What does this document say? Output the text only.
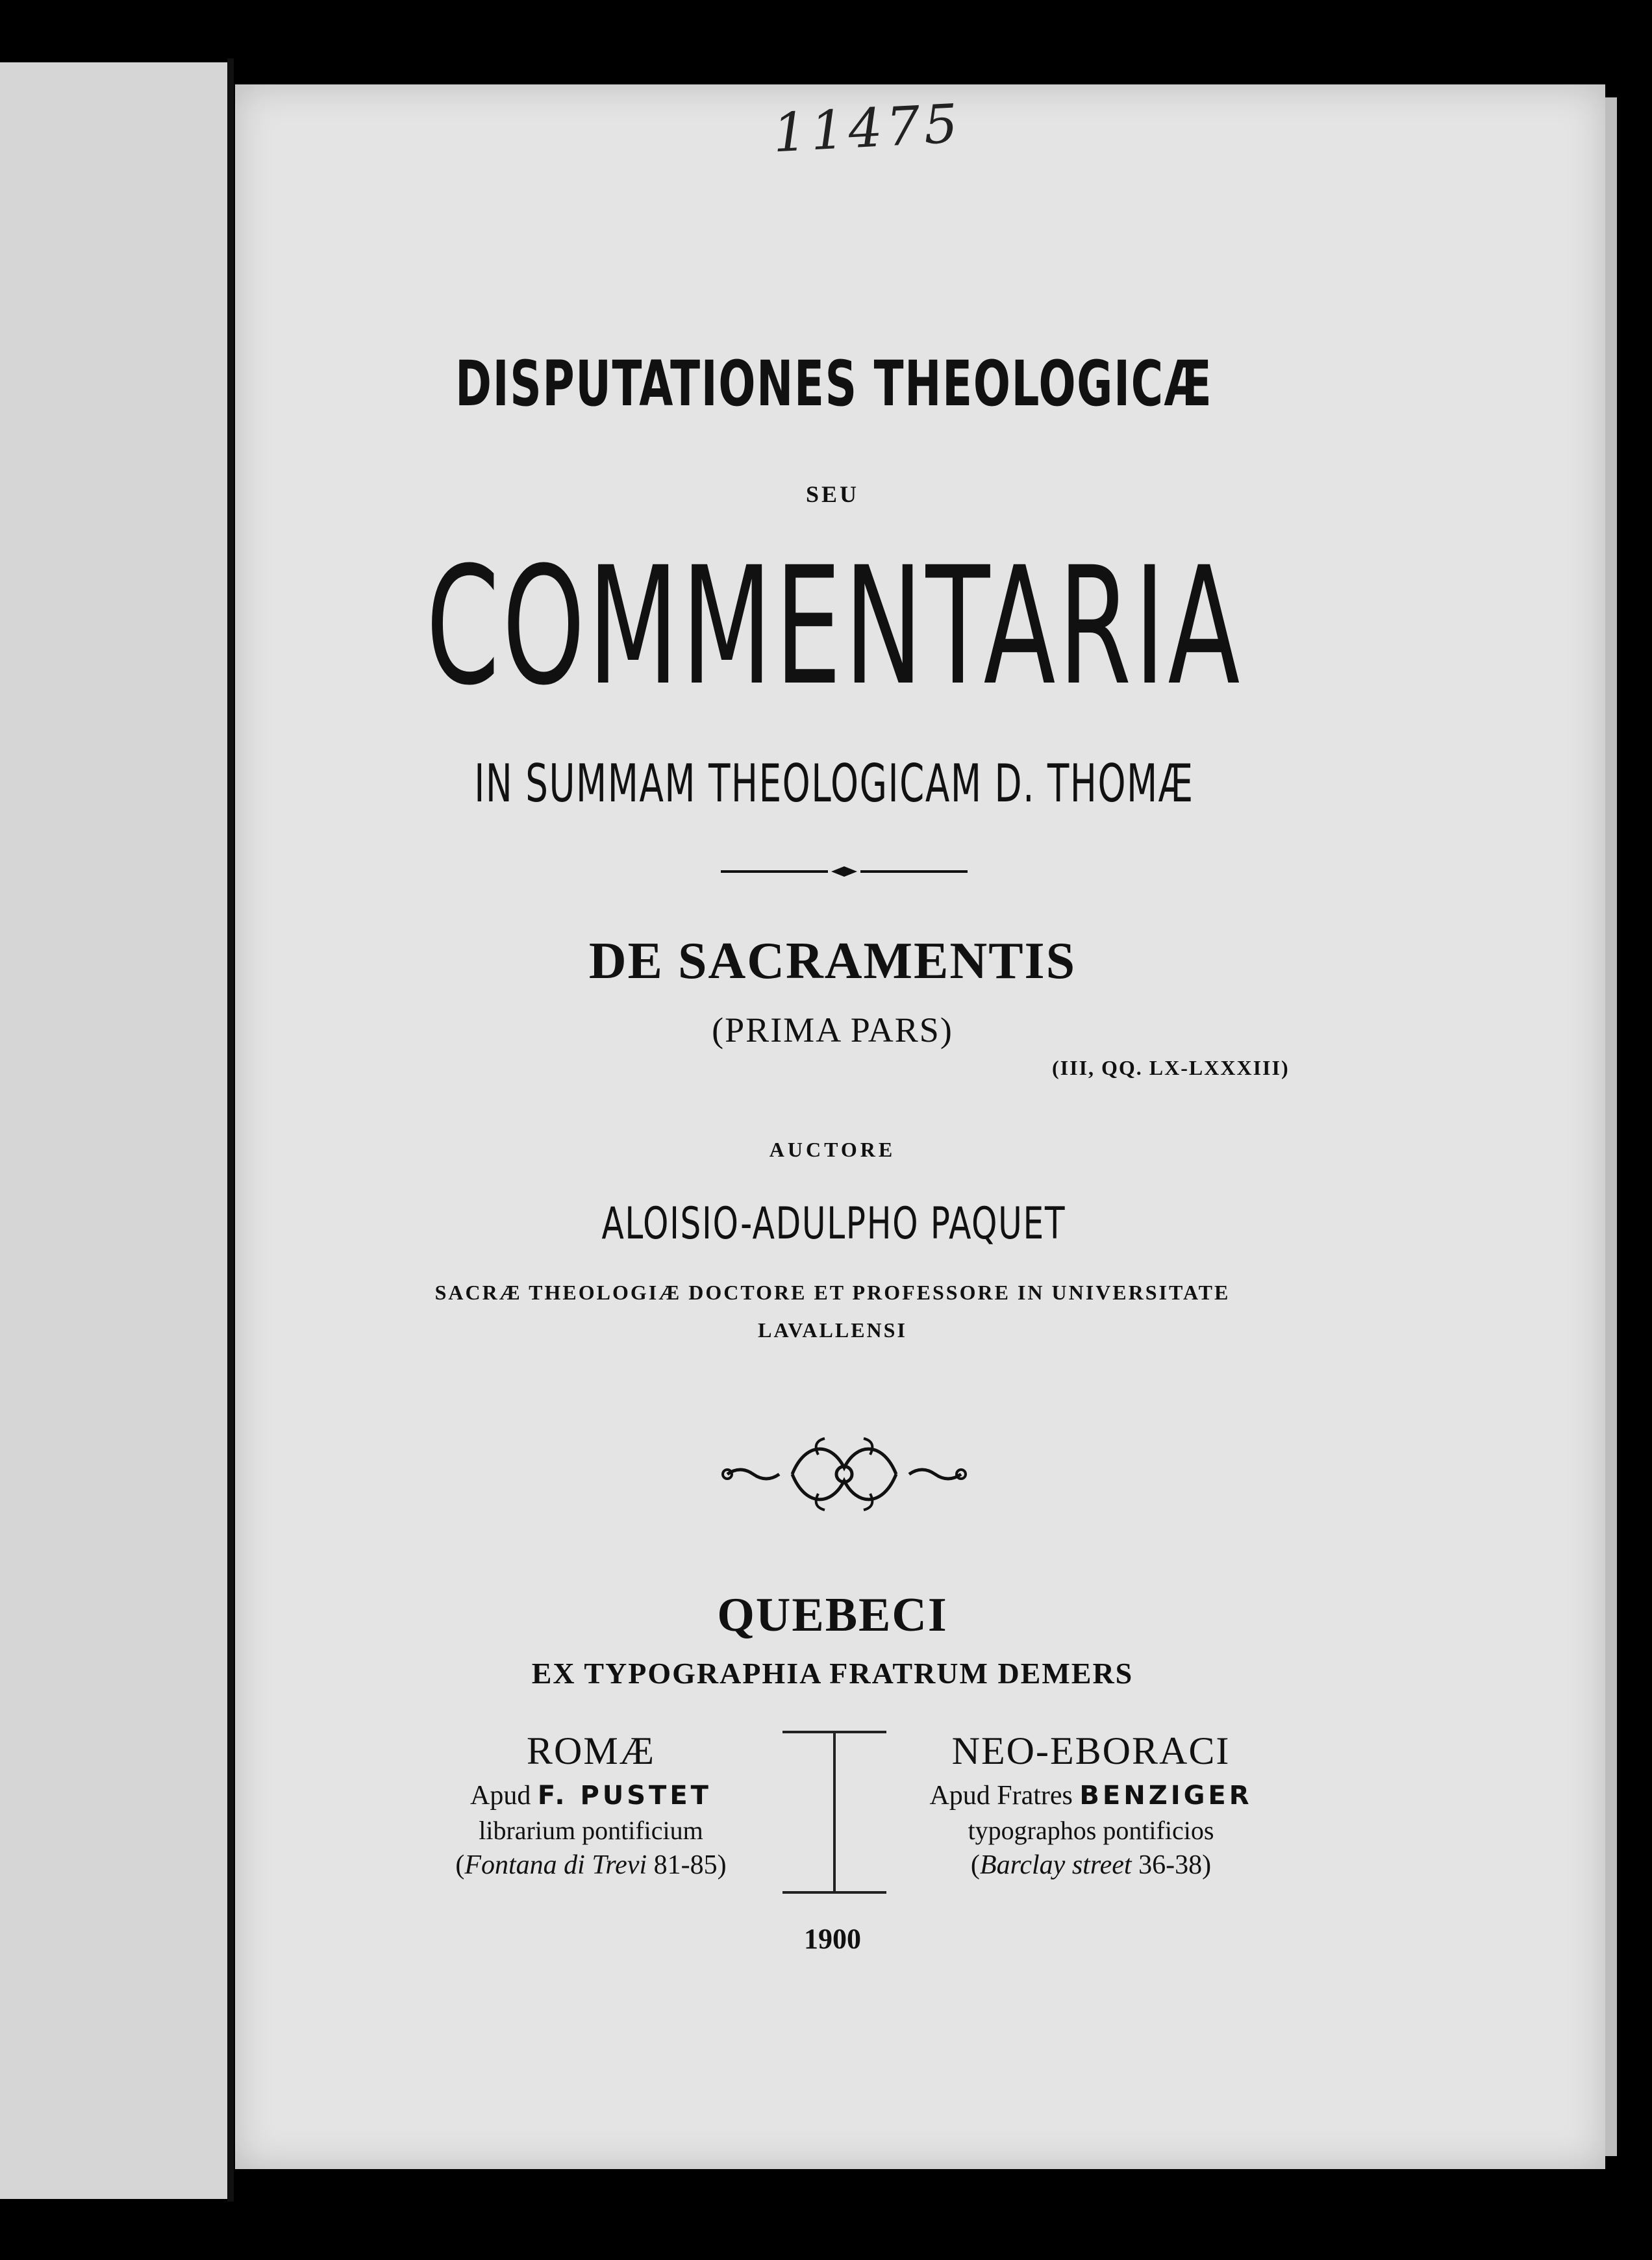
11475
DISPUTATIONES THEOLOGICÆ
SEU
COMMENTARIA
IN SUMMAM THEOLOGICAM D. THOMÆ
DE SACRAMENTIS
(PRIMA PARS)
(III, QQ. LX-LXXXIII)
AUCTORE
ALOISIO-ADULPHO PAQUET
SACRÆ THEOLOGIÆ DOCTORE ET PROFESSORE IN UNIVERSITATE
LAVALLENSI
QUEBECI
EX TYPOGRAPHIA FRATRUM DEMERS
ROMÆ
Apud F. PUSTET
librarium pontificium
(Fontana di Trevi 81-85)
NEO-EBORACI
Apud Fratres BENZIGER
typographos pontificios
(Barclay street 36-38)
1900
